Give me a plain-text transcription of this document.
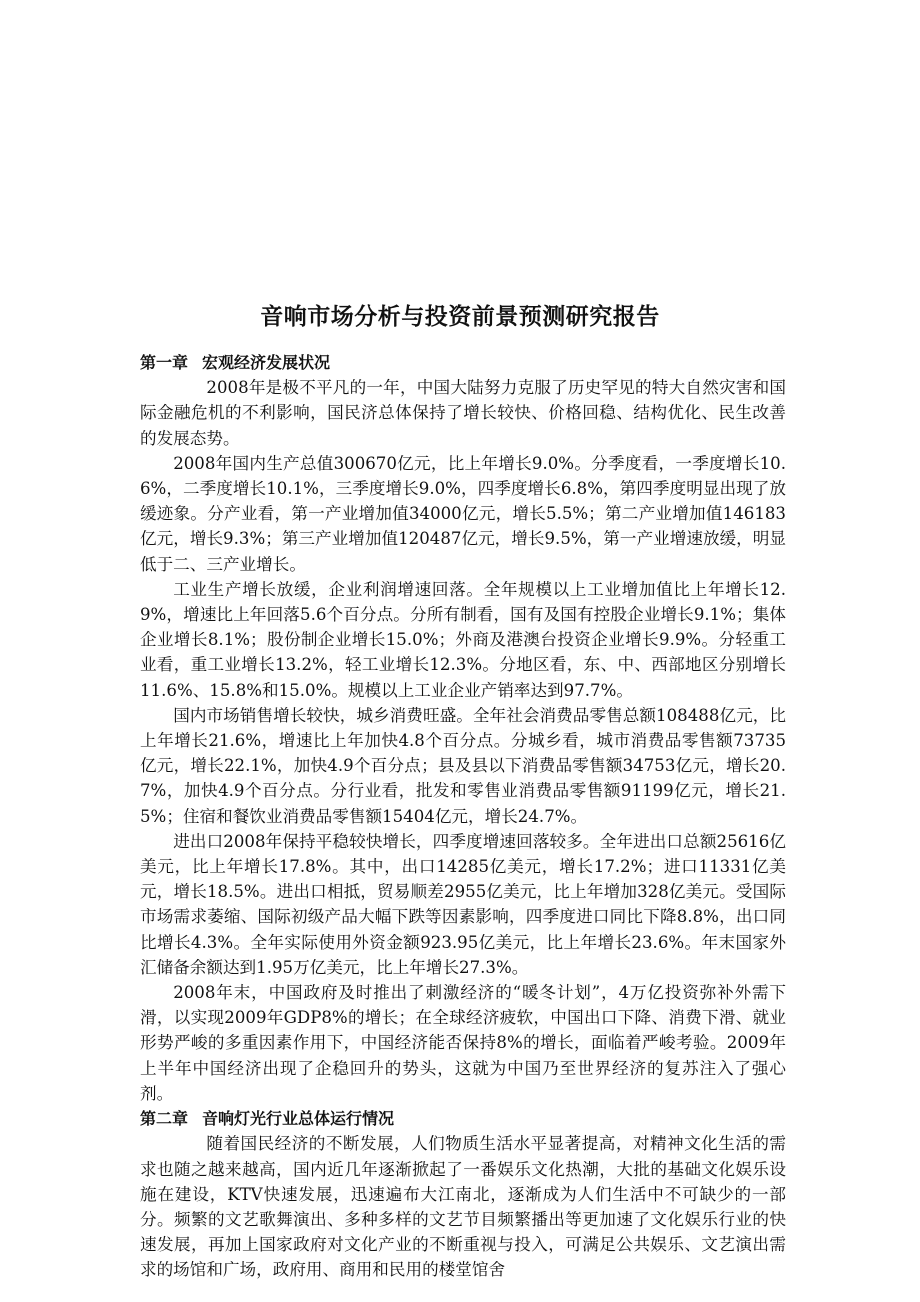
音响市场分析与投资前景预测研究报告
第一章 宏观经济发展状况

2008年是极不平凡的一年，中国大陆努力克服了历史罕见的特大自然灾害和国际金融危机的不利影响，国民济总体保持了增长较快、价格回稳、结构优化、民生改善的发展态势。

2008年国内生产总值300670亿元，比上年增长9.0%。分季度看，一季度增长10.6%，二季度增长10.1%，三季度增长9.0%，四季度增长6.8%，第四季度明显出现了放缓迹象。分产业看，第一产业增加值34000亿元，增长5.5%；第二产业增加值146183亿元，增长9.3%；第三产业增加值120487亿元，增长9.5%，第一产业增速放缓，明显低于二、三产业增长。

工业生产增长放缓，企业利润增速回落。全年规模以上工业增加值比上年增长12.9%，增速比上年回落5.6个百分点。分所有制看，国有及国有控股企业增长9.1%；集体企业增长8.1%；股份制企业增长15.0%；外商及港澳台投资企业增长9.9%。分轻重工业看，重工业增长13.2%，轻工业增长12.3%。分地区看，东、中、西部地区分别增长11.6%、15.8%和15.0%。规模以上工业企业产销率达到97.7%。

国内市场销售增长较快，城乡消费旺盛。全年社会消费品零售总额108488亿元，比上年增长21.6%，增速比上年加快4.8个百分点。分城乡看，城市消费品零售额73735亿元，增长22.1%，加快4.9个百分点；县及县以下消费品零售额34753亿元，增长20.7%，加快4.9个百分点。分行业看，批发和零售业消费品零售额91199亿元，增长21.5%；住宿和餐饮业消费品零售额15404亿元，增长24.7%。

进出口2008年保持平稳较快增长，四季度增速回落较多。全年进出口总额25616亿美元，比上年增长17.8%。其中，出口14285亿美元，增长17.2%；进口11331亿美元，增长18.5%。进出口相抵，贸易顺差2955亿美元，比上年增加328亿美元。受国际市场需求萎缩、国际初级产品大幅下跌等因素影响，四季度进口同比下降8.8%，出口同比增长4.3%。全年实际使用外资金额923.95亿美元，比上年增长23.6%。年末国家外汇储备余额达到1.95万亿美元，比上年增长27.3%。

2008年末，中国政府及时推出了刺激经济的“暖冬计划”，4万亿投资弥补外需下滑，以实现2009年GDP8%的增长；在全球经济疲软，中国出口下降、消费下滑、就业形势严峻的多重因素作用下，中国经济能否保持8%的增长，面临着严峻考验。2009年上半年中国经济出现了企稳回升的势头，这就为中国乃至世界经济的复苏注入了强心剂。

第二章 音响灯光行业总体运行情况

随着国民经济的不断发展，人们物质生活水平显著提高，对精神文化生活的需求也随之越来越高，国内近几年逐渐掀起了一番娱乐文化热潮，大批的基础文化娱乐设施在建设，KTV快速发展，迅速遍布大江南北，逐渐成为人们生活中不可缺少的一部分。频繁的文艺歌舞演出、多种多样的文艺节目频繁播出等更加速了文化娱乐行业的快速发展，再加上国家政府对文化产业的不断重视与投入，可满足公共娱乐、文艺演出需求的场馆和广场，政府用、商用和民用的楼堂馆舍
